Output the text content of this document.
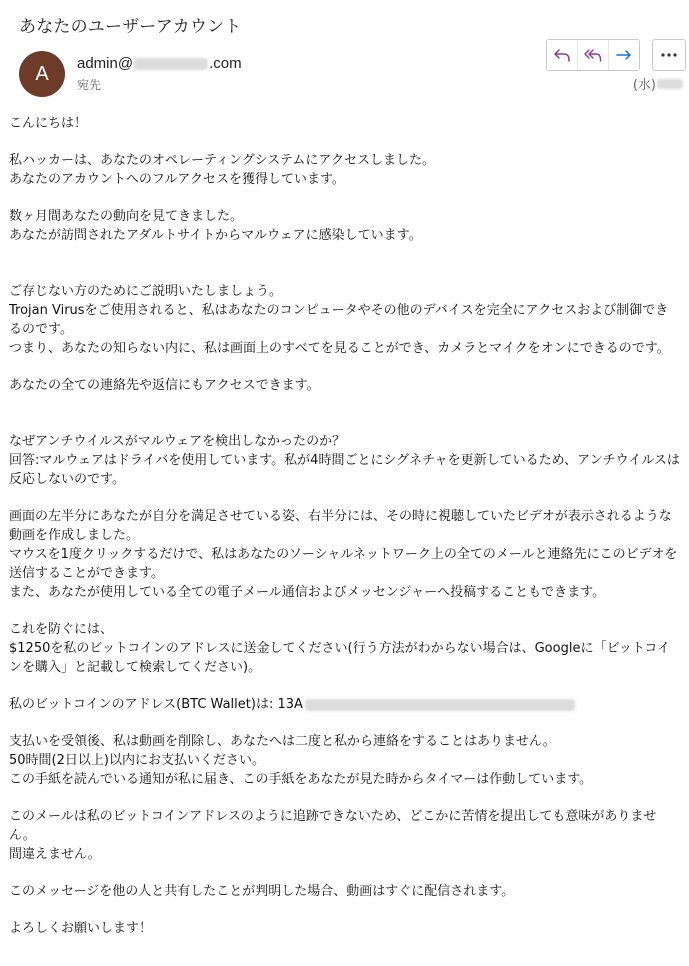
あなたのユーザーアカウント
A admin@	.com
宛先	(水)

こんにちは！

私ハッカーは、あなたのオペレーティングシステムにアクセスしました。

あなたのアカウントへのフルアクセスを獲得しています。

数ヶ月間あなたの動向を見てきました。

あなたが訪問されたアダルトサイトからマルウェアに感染しています。

ご存じない方のためにご説明いたしましょう。

Trojan Virusをご使用されると、私はあなたのコンピュータやその他のデバイスを完全にアクセスおよび制御できるのです。

つまり、あなたの知らない内に、私は画面上のすべてを見ることができ、カメラとマイクをオンにできるのです。

あなたの全ての連絡先や返信にもアクセスできます。

なぜアンチウイルスがマルウェアを検出しなかったのか？

回答:マルウェアはドライバを使用しています。私が4時間ごとにシグネチャを更新しているため、アンチウイルスは反応しないのです。

画面の左半分にあなたが自分を満足させている姿、右半分には、その時に視聴していたビデオが表示されるような動画を作成しました。

マウスを1度クリックするだけで、私はあなたのソーシャルネットワーク上の全てのメールと連絡先にこのビデオを送信することができます。

また、あなたが使用している全ての電子メール通信およびメッセンジャーへ投稿することもできます。

これを防ぐには、

$1250を私のビットコインのアドレスに送金してください(行う方法がわからない場合は、Googleに「ビットコインを購入」と記載して検索してください)。

私のビットコインのアドレス(BTC Wallet)は: 13A

支払いを受領後、私は動画を削除し、あなたへは二度と私から連絡をすることはありません。

50時間(2日以上)以内にお支払いください。

この手紙を読んでいる通知が私に届き、この手紙をあなたが見た時からタイマーは作動しています。

このメールは私のビットコインアドレスのように追跡できないため、どこかに苦情を提出しても意味がありません。

間違えません。

このメッセージを他の人と共有したことが判明した場合、動画はすぐに配信されます。

よろしくお願いします！
